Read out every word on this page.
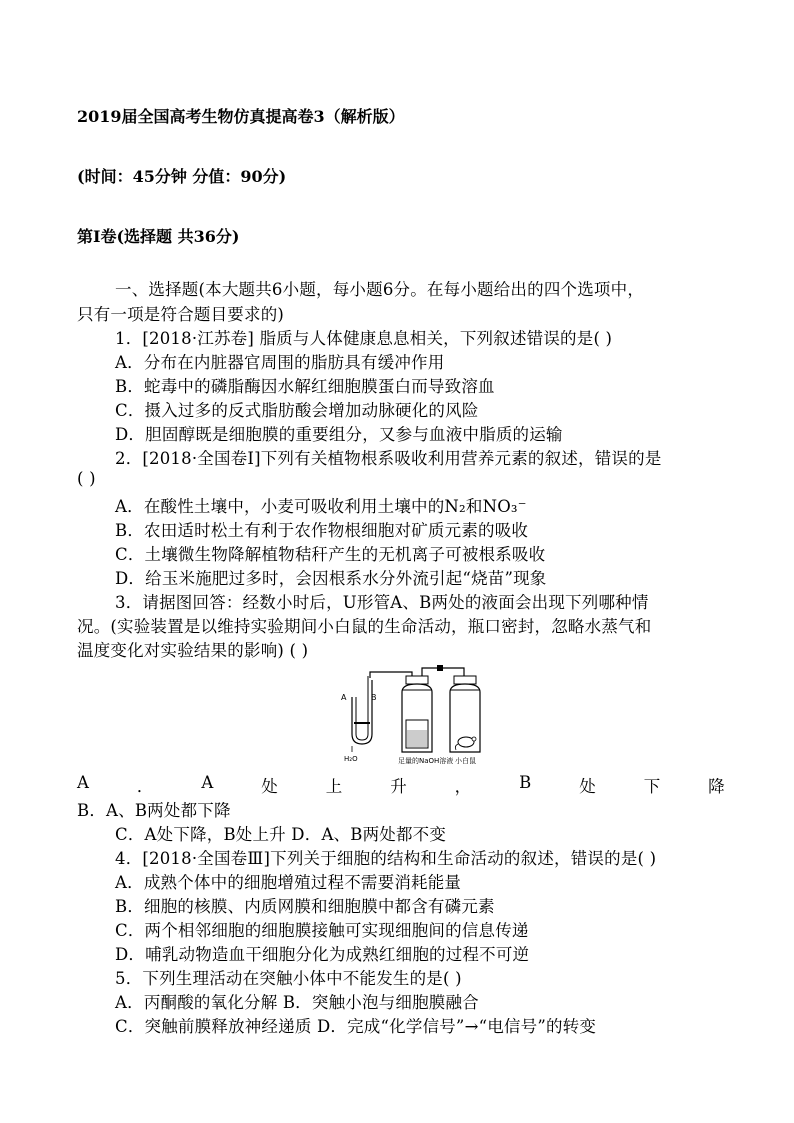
2019届全国高考生物仿真提高卷3（解析版）
(时间：45分钟 分值：90分)
第Ⅰ卷(选择题 共36分)
一、选择题(本大题共6小题，每小题6分。在每小题给出的四个选项中，
只有一项是符合题目要求的)
1．[2018·江苏卷] 脂质与人体健康息息相关，下列叙述错误的是( )
A．分布在内脏器官周围的脂肪具有缓冲作用
B．蛇毒中的磷脂酶因水解红细胞膜蛋白而导致溶血
C．摄入过多的反式脂肪酸会增加动脉硬化的风险
D．胆固醇既是细胞膜的重要组分，又参与血液中脂质的运输
2．[2018·全国卷Ⅰ]下列有关植物根系吸收利用营养元素的叙述，错误的是
( )
A．在酸性土壤中，小麦可吸收利用土壤中的N₂和NO₃⁻
B．农田适时松土有利于农作物根细胞对矿质元素的吸收
C．土壤微生物降解植物秸秆产生的无机离子可被根系吸收
D．给玉米施肥过多时，会因根系水分外流引起“烧苗”现象
3．请据图回答：经数小时后，U形管A、B两处的液面会出现下列哪种情
况。(实验装置是以维持实验期间小白鼠的生命活动，瓶口密封，忽略水蒸气和
温度变化对实验结果的影响) ( )
A	B
H₂O	足量的NaOH溶液 小白鼠
A	．	A	处	上	升	，	B	处	下	降
B．A、B两处都下降
C．A处下降，B处上升 D．A、B两处都不变
4．[2018·全国卷Ⅲ]下列关于细胞的结构和生命活动的叙述，错误的是( )
A．成熟个体中的细胞增殖过程不需要消耗能量
B．细胞的核膜、内质网膜和细胞膜中都含有磷元素
C．两个相邻细胞的细胞膜接触可实现细胞间的信息传递
D．哺乳动物造血干细胞分化为成熟红细胞的过程不可逆
5．下列生理活动在突触小体中不能发生的是( )
A．丙酮酸的氧化分解 B．突触小泡与细胞膜融合
C．突触前膜释放神经递质 D．完成“化学信号”→“电信号”的转变
